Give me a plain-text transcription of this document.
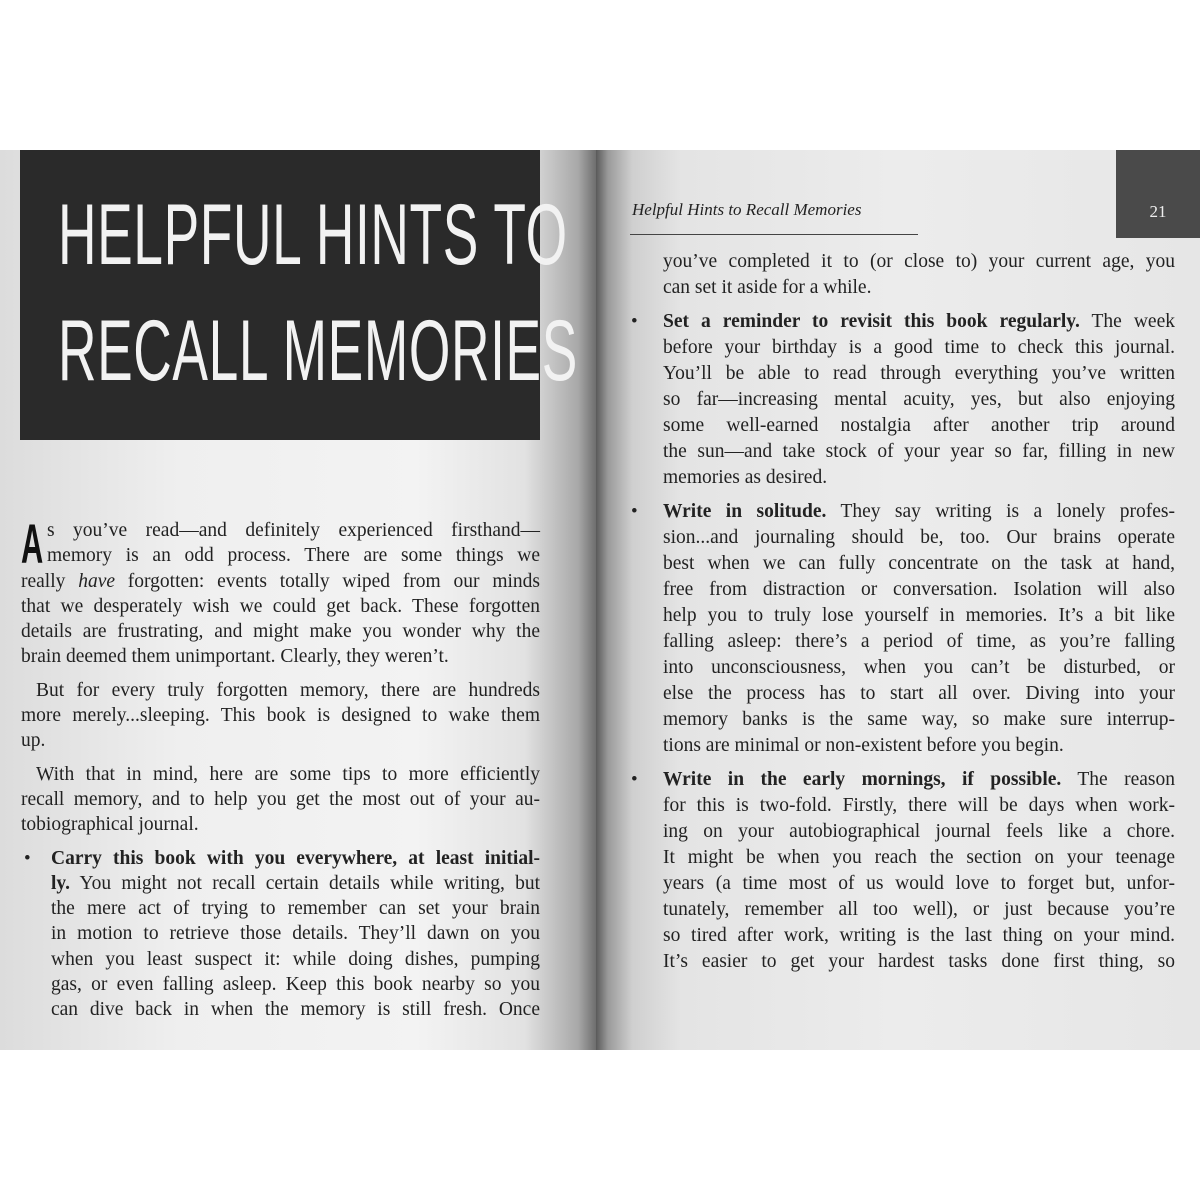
HELPFUL HINTS TO
RECALL MEMORIES
As you’ve read—and definitely experienced firsthand—
memory is an odd process. There are some things we
really have forgotten: events totally wiped from our minds
that we desperately wish we could get back. These forgotten
details are frustrating, and might make you wonder why the
brain deemed them unimportant. Clearly, they weren’t.
But for every truly forgotten memory, there are hundreds
more merely...sleeping. This book is designed to wake them
up.
With that in mind, here are some tips to more efficiently
recall memory, and to help you get the most out of your au-
tobiographical journal.
•	Carry this book with you everywhere, at least initial-
ly. You might not recall certain details while writing, but
the mere act of trying to remember can set your brain
in motion to retrieve those details. They’ll dawn on you
when you least suspect it: while doing dishes, pumping
gas, or even falling asleep. Keep this book nearby so you
can dive back in when the memory is still fresh. Once
Helpful Hints to Recall Memories	21
you’ve completed it to (or close to) your current age, you
can set it aside for a while.
• Set a reminder to revisit this book regularly. The week
before your birthday is a good time to check this journal.
You’ll be able to read through everything you’ve written
so far—increasing mental acuity, yes, but also enjoying
some well-earned nostalgia after another trip around
the sun—and take stock of your year so far, filling in new
memories as desired.
• Write in solitude. They say writing is a lonely profes-
sion...and journaling should be, too. Our brains operate
best when we can fully concentrate on the task at hand,
free from distraction or conversation. Isolation will also
help you to truly lose yourself in memories. It’s a bit like
falling asleep: there’s a period of time, as you’re falling
into unconsciousness, when you can’t be disturbed, or
else the process has to start all over. Diving into your
memory banks is the same way, so make sure interrup-
tions are minimal or non-existent before you begin.
• Write in the early mornings, if possible. The reason
for this is two-fold. Firstly, there will be days when work-
ing on your autobiographical journal feels like a chore.
It might be when you reach the section on your teenage
years (a time most of us would love to forget but, unfor-
tunately, remember all too well), or just because you’re
so tired after work, writing is the last thing on your mind.
It’s easier to get your hardest tasks done first thing, so
